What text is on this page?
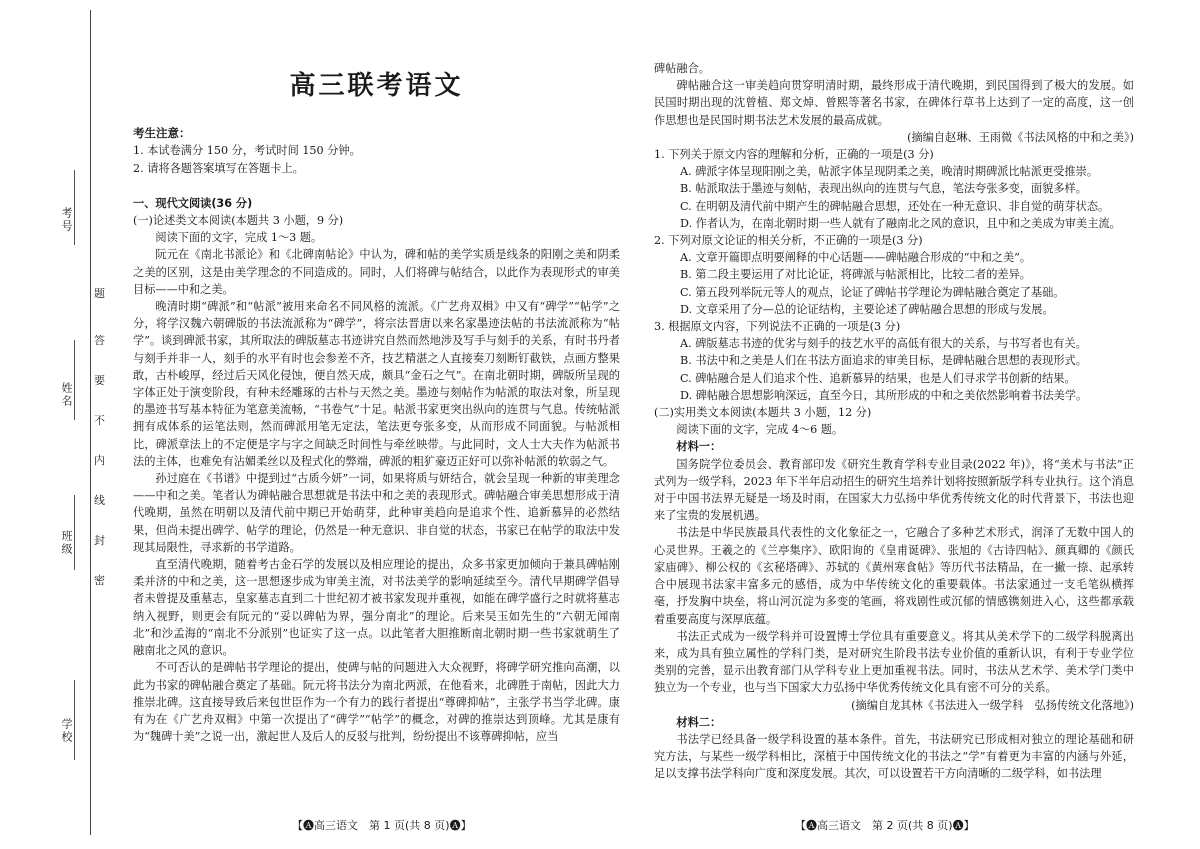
考号
姓名
班级
学校
题
答
要
不
内
线
封
密
高三联考语文

考生注意：

1. 本试卷满分 150 分，考试时间 150 分钟。

2. 请将各题答案填写在答题卡上。

一、现代文阅读(36 分)

(一)论述类文本阅读(本题共 3 小题，9 分)

阅读下面的文字，完成 1～3 题。

阮元在《南北书派论》和《北碑南帖论》中认为，碑和帖的美学实质是线条的阳刚之美和阴柔之美的区别，这是由美学理念的不同造成的。同时，人们将碑与帖结合，以此作为表现形式的审美目标——中和之美。

晚清时期“碑派”和“帖派”被用来命名不同风格的流派。《广艺舟双楫》中又有“碑学”“帖学”之分，将学汉魏六朝碑版的书法流派称为“碑学”，将宗法晋唐以来名家墨迹法帖的书法流派称为“帖学”。谈到碑派书家，其所取法的碑版墓志书迹讲究自然而然地涉及写手与刻手的关系，有时书丹者与刻手并非一人，刻手的水平有时也会参差不齐，技艺精湛之人直接奏刀刻断钉截铁，点画方整果敢，古朴峻厚，经过后天风化侵蚀，便自然天成，颇具“金石之气”。在南北朝时期，碑版所呈现的字体正处于演变阶段，有种未经雕琢的古朴与天然之美。墨迹与刻帖作为帖派的取法对象，所呈现的墨迹书写基本特征为笔意美流畅，“书卷气”十足。帖派书家更突出纵向的连贯与气息。传统帖派拥有成体系的运笔法则，然而碑派用笔无定法，笔法更夸张多变，从而形成不同面貌。与帖派相比，碑派章法上的不定便是字与字之间缺乏时间性与牵丝映带。与此同时，文人士大夫作为帖派书法的主体，也难免有沾媚柔丝以及程式化的弊端，碑派的粗犷豪迈正好可以弥补帖派的软弱之气。

孙过庭在《书谱》中提到过“古质今妍”一词，如果将质与妍结合，就会呈现一种新的审美理念——中和之美。笔者认为碑帖融合思想就是书法中和之美的表现形式。碑帖融合审美思想形成于清代晚期，虽然在明朝以及清代前中期已开始萌芽，此种审美趋向是追求个性、追新慕异的必然结果，但尚未提出碑学、帖学的理论，仍然是一种无意识、非自觉的状态，书家已在帖学的取法中发现其局限性，寻求新的书学道路。

直至清代晚期，随着考古金石学的发展以及相应理论的提出，众多书家更加倾向于兼具碑帖刚柔并济的中和之美，这一思想逐步成为审美主流，对书法美学的影响延续至今。清代早期碑学倡导者未曾提及重墓志，皇家墓志直到二十世纪初才被书家发现并重视，如能在碑学盛行之时就将墓志纳入视野，则更会有阮元的“妥以碑帖为界，强分南北”的理论。后来吴玉如先生的“六朝无闻南北”和沙孟海的“南北不分派别”也证实了这一点。以此笔者大胆推断南北朝时期一些书家就萌生了融南北之风的意识。

不可否认的是碑帖书学理论的提出，使碑与帖的问题进入大众视野，将碑学研究推向高潮，以此为书家的碑帖融合奠定了基础。阮元将书法分为南北两派，在他看来，北碑胜于南帖，因此大力推崇北碑。这直接导致后来包世臣作为一个有力的践行者提出“尊碑抑帖”，主张学书当学北碑。康有为在《广艺舟双楫》中第一次提出了“碑学”“帖学”的概念，对碑的推崇达到顶峰。尤其是康有为“魏碑十美”之说一出，激起世人及后人的反驳与批判，纷纷提出不该尊碑抑帖，应当

碑帖融合。

碑帖融合这一审美趋向贯穿明清时期，最终形成于清代晚期，到民国得到了极大的发展。如民国时期出现的沈曾植、郑文焯、曾熙等著名书家，在碑体行草书上达到了一定的高度，这一创作思想也是民国时期书法艺术发展的最高成就。

(摘编自赵琳、王雨微《书法风格的中和之美》)

1. 下列关于原文内容的理解和分析，正确的一项是(3 分)

A. 碑派字体呈现阳刚之美，帖派字体呈现阴柔之美，晚清时期碑派比帖派更受推崇。

B. 帖派取法于墨迹与刻帖，表现出纵向的连贯与气息，笔法夸张多变，面貌多样。

C. 在明朝及清代前中期产生的碑帖融合思想，还处在一种无意识、非自觉的萌芽状态。

D. 作者认为，在南北朝时期一些人就有了融南北之风的意识，且中和之美成为审美主流。

2. 下列对原文论证的相关分析，不正确的一项是(3 分)

A. 文章开篇即点明要阐释的中心话题——碑帖融合形成的“中和之美”。

B. 第二段主要运用了对比论证，将碑派与帖派相比，比较二者的差异。

C. 第五段列举阮元等人的观点，论证了碑帖书学理论为碑帖融合奠定了基础。

D. 文章采用了分—总的论证结构，主要论述了碑帖融合思想的形成与发展。

3. 根据原文内容，下列说法不正确的一项是(3 分)

A. 碑版墓志书迹的优劣与刻手的技艺水平的高低有很大的关系，与书写者也有关。

B. 书法中和之美是人们在书法方面追求的审美目标，是碑帖融合思想的表现形式。

C. 碑帖融合是人们追求个性、追新慕异的结果，也是人们寻求学书创新的结果。

D. 碑帖融合思想影响深远，直至今日，其所形成的中和之美依然影响着书法美学。

(二)实用类文本阅读(本题共 3 小题，12 分)

阅读下面的文字，完成 4～6 题。

材料一：

国务院学位委员会、教育部印发《研究生教育学科专业目录(2022 年)》，将“美术与书法”正式列为一级学科，2023 年下半年启动招生的研究生培养计划将按照新版学科专业执行。这个消息对于中国书法界无疑是一场及时雨，在国家大力弘扬中华优秀传统文化的时代背景下，书法也迎来了宝贵的发展机遇。

书法是中华民族最具代表性的文化象征之一，它融合了多种艺术形式，润泽了无数中国人的心灵世界。王羲之的《兰亭集序》、欧阳询的《皇甫诞碑》、张旭的《古诗四帖》、颜真卿的《颜氏家庙碑》、柳公权的《玄秘塔碑》、苏轼的《黄州寒食帖》等历代书法精品，在一撇一捺、起承转合中展现书法家丰富多元的感悟，成为中华传统文化的重要载体。书法家通过一支毛笔纵横挥毫，抒发胸中块垒，将山河沉淀为多变的笔画，将戏剧性或沉郁的情感镌刻进入心，这些都承载着重要高度与深厚底蕴。

书法正式成为一级学科并可设置博士学位具有重要意义。将其从美术学下的二级学科脱离出来，成为具有独立属性的学科门类，是对研究生阶段书法专业价值的重新认识，有利于专业学位类别的完善，显示出教育部门从学科专业上更加重视书法。同时，书法从艺术学、美术学门类中独立为一个专业，也与当下国家大力弘扬中华优秀传统文化具有密不可分的关系。

(摘编自龙其林《书法进入一级学科　弘扬传统文化落地》)

材料二：

书法学已经具备一级学科设置的基本条件。首先，书法研究已形成相对独立的理论基础和研究方法，与某些一级学科相比，深植于中国传统文化的书法之“学”有着更为丰富的内涵与外延，足以支撑书法学科向广度和深度发展。其次，可以设置若干方向清晰的二级学科，如书法理

【🅐高三语文　第 1 页(共 8 页)🅐】	【🅐高三语文　第 2 页(共 8 页)🅐】
